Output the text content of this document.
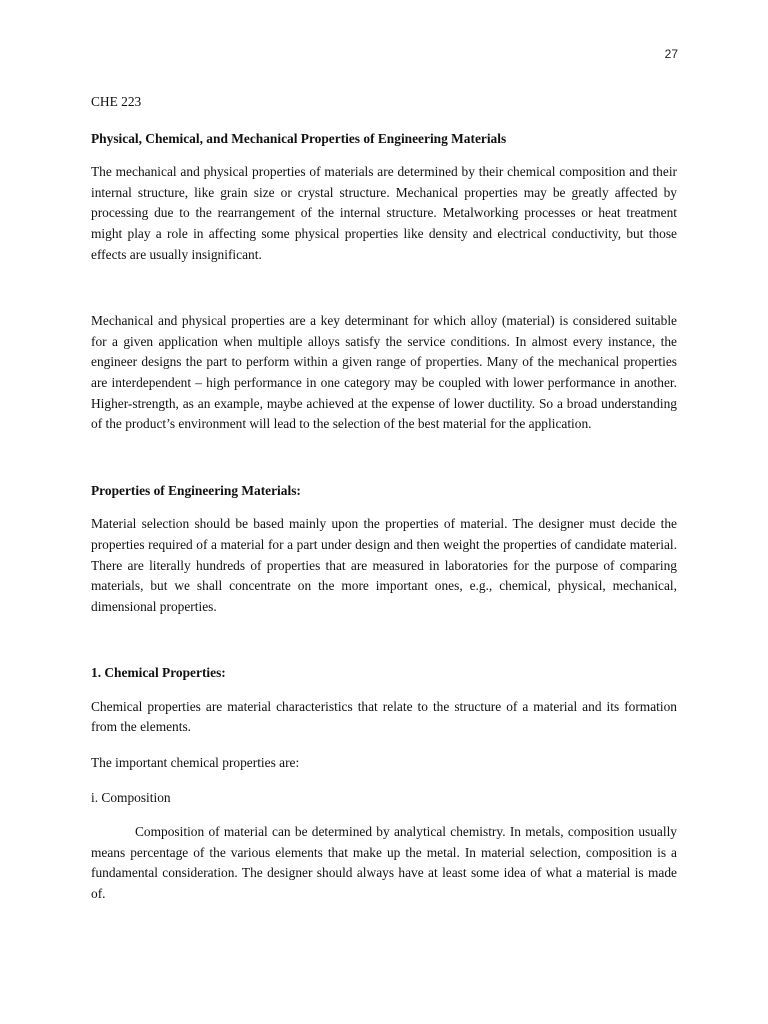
27

CHE 223

Physical, Chemical, and Mechanical Properties of Engineering Materials

The mechanical and physical properties of materials are determined by their chemical composition and their internal structure, like grain size or crystal structure. Mechanical properties may be greatly affected by processing due to the rearrangement of the internal structure. Metalworking processes or heat treatment might play a role in affecting some physical properties like density and electrical conductivity, but those effects are usually insignificant.

Mechanical and physical properties are a key determinant for which alloy (material) is considered suitable for a given application when multiple alloys satisfy the service conditions. In almost every instance, the engineer designs the part to perform within a given range of properties. Many of the mechanical properties are interdependent – high performance in one category may be coupled with lower performance in another. Higher-strength, as an example, maybe achieved at the expense of lower ductility. So a broad understanding of the product’s environment will lead to the selection of the best material for the application.

Properties of Engineering Materials:

Material selection should be based mainly upon the properties of material. The designer must decide the properties required of a material for a part under design and then weight the properties of candidate material. There are literally hundreds of properties that are measured in laboratories for the purpose of comparing materials, but we shall concentrate on the more important ones, e.g., chemical, physical, mechanical, dimensional properties.

1. Chemical Properties:

Chemical properties are material characteristics that relate to the structure of a material and its formation from the elements.

The important chemical properties are:

i. Composition

Composition of material can be determined by analytical chemistry. In metals, composition usually means percentage of the various elements that make up the metal. In material selection, composition is a fundamental consideration. The designer should always have at least some idea of what a material is made of.
